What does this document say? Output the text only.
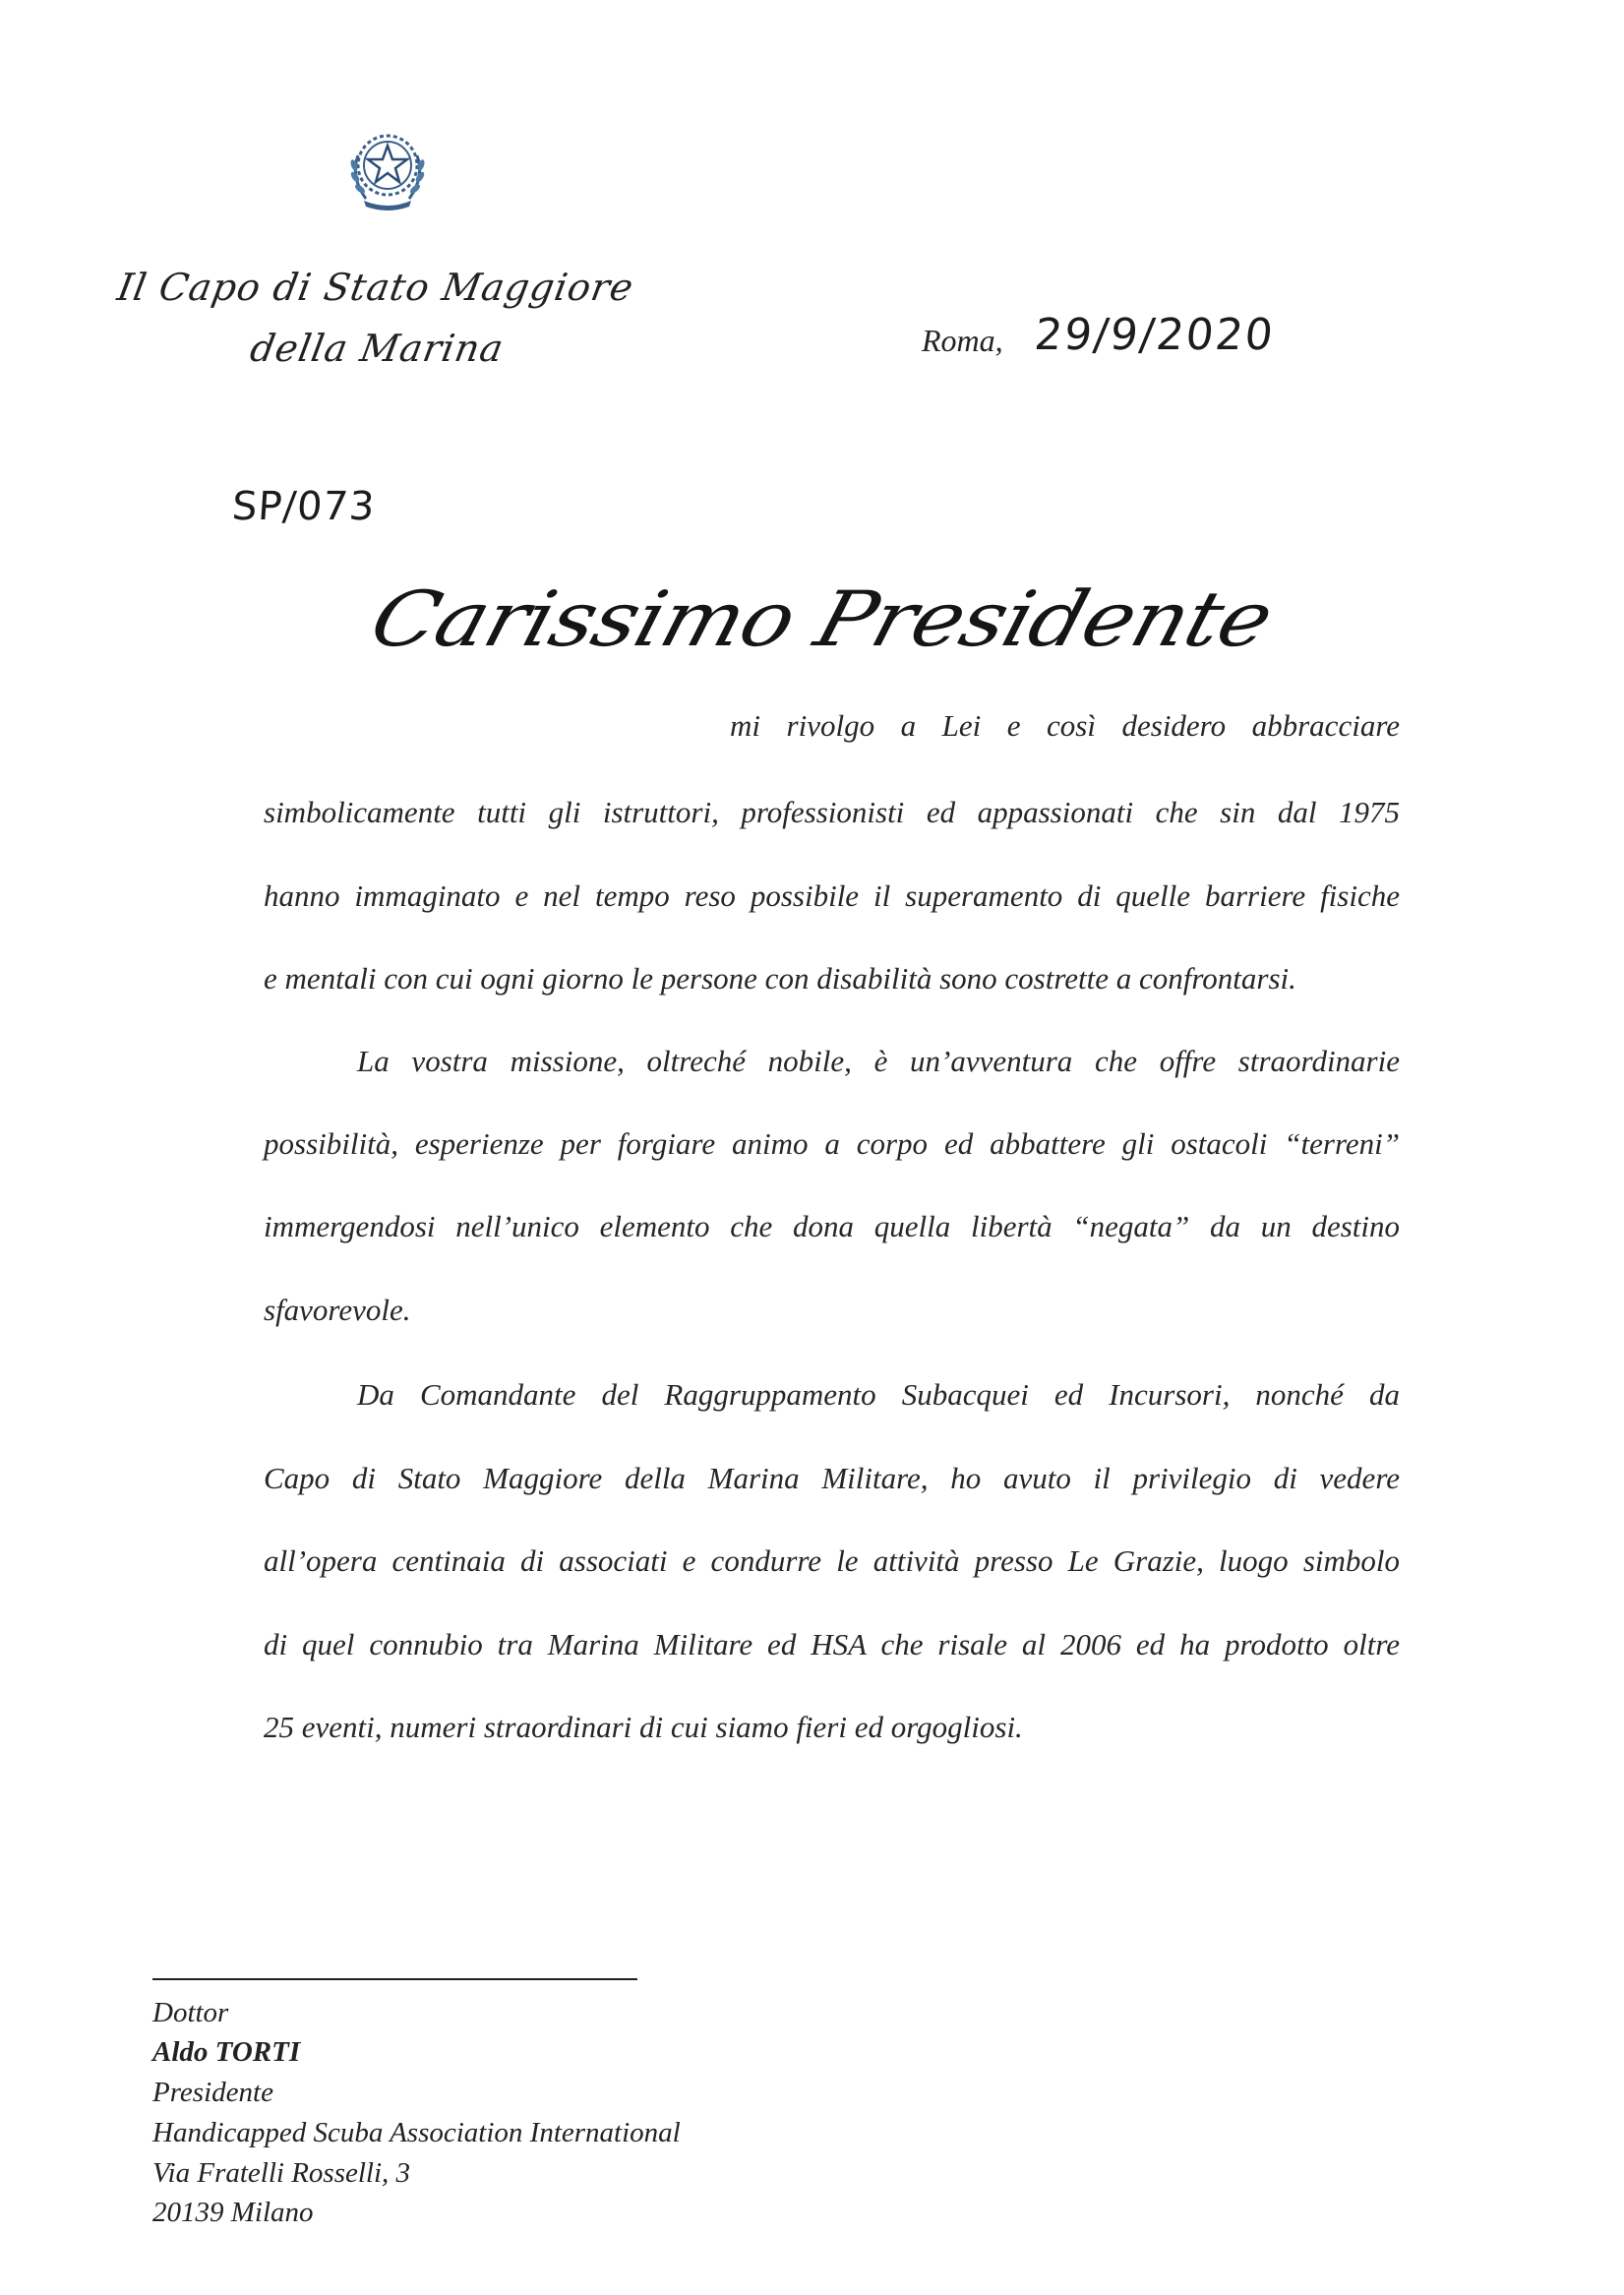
Il Capo di Stato Maggiore
della Marina	Roma, 29/9/2020
SP/073
Carissimo Presidente
mi rivolgo a Lei e così desidero abbracciare
simbolicamente tutti gli istruttori, professionisti ed appassionati che sin dal 1975
hanno immaginato e nel tempo reso possibile il superamento di quelle barriere fisiche
e mentali con cui ogni giorno le persone con disabilità sono costrette a confrontarsi.
La vostra missione, oltreché nobile, è un’avventura che offre straordinarie
possibilità, esperienze per forgiare animo a corpo ed abbattere gli ostacoli “terreni”
immergendosi nell’unico elemento che dona quella libertà “negata” da un destino
sfavorevole.
Da Comandante del Raggruppamento Subacquei ed Incursori, nonché da
Capo di Stato Maggiore della Marina Militare, ho avuto il privilegio di vedere
all’opera centinaia di associati e condurre le attività presso Le Grazie, luogo simbolo
di quel connubio tra Marina Militare ed HSA che risale al 2006 ed ha prodotto oltre
25 eventi, numeri straordinari di cui siamo fieri ed orgogliosi.
Dottor
Aldo TORTI
Presidente
Handicapped Scuba Association International
Via Fratelli Rosselli, 3
20139 Milano
